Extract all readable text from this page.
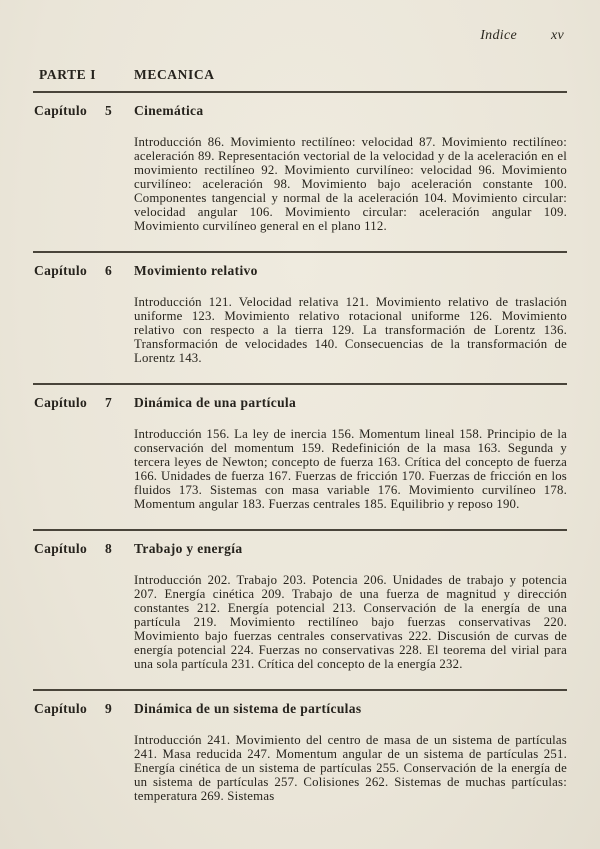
Indice xv
PARTE I	MECANICA
Capítulo	5	Cinemática

Introducción 86. Movimiento rectilíneo: velocidad 87. Movimiento rectilíneo: aceleración 89. Representación vectorial de la velocidad y de la aceleración en el movimiento rectilíneo 92. Movimiento curvilíneo: velocidad 96. Movimiento curvilíneo: aceleración 98. Movimiento bajo aceleración constante 100. Componentes tangencial y normal de la aceleración 104. Movimiento circular: velocidad angular 106. Movimiento circular: aceleración angular 109. Movimiento curvilíneo general en el plano 112.

Capítulo	6	Movimiento relativo

Introducción 121. Velocidad relativa 121. Movimiento relativo de traslación uniforme 123. Movimiento relativo rotacional uniforme 126. Movimiento relativo con respecto a la tierra 129. La transformación de Lorentz 136. Transformación de velocidades 140. Consecuencias de la transformación de Lorentz 143.

Capítulo	7	Dinámica de una partícula

Introducción 156. La ley de inercia 156. Momentum lineal 158. Principio de la conservación del momentum 159. Redefinición de la masa 163. Segunda y tercera leyes de Newton; concepto de fuerza 163. Crítica del concepto de fuerza 166. Unidades de fuerza 167. Fuerzas de fricción 170. Fuerzas de fricción en los fluidos 173. Sistemas con masa variable 176. Movimiento curvilíneo 178. Momentum angular 183. Fuerzas centrales 185. Equilibrio y reposo 190.

Capítulo	8	Trabajo y energía

Introducción 202. Trabajo 203. Potencia 206. Unidades de trabajo y potencia 207. Energía cinética 209. Trabajo de una fuerza de magnitud y dirección constantes 212. Energía potencial 213. Conservación de la energía de una partícula 219. Movimiento rectilíneo bajo fuerzas conservativas 220. Movimiento bajo fuerzas centrales conservativas 222. Discusión de curvas de energía potencial 224. Fuerzas no conservativas 228. El teorema del virial para una sola partícula 231. Crítica del concepto de la energía 232.

Capítulo	9	Dinámica de un sistema de partículas

Introducción 241. Movimiento del centro de masa de un sistema de partículas 241. Masa reducida 247. Momentum angular de un sistema de partículas 251. Energía cinética de un sistema de partículas 255. Conservación de la energía de un sistema de partículas 257. Colisiones 262. Sistemas de muchas partículas: temperatura 269. Sistemas
